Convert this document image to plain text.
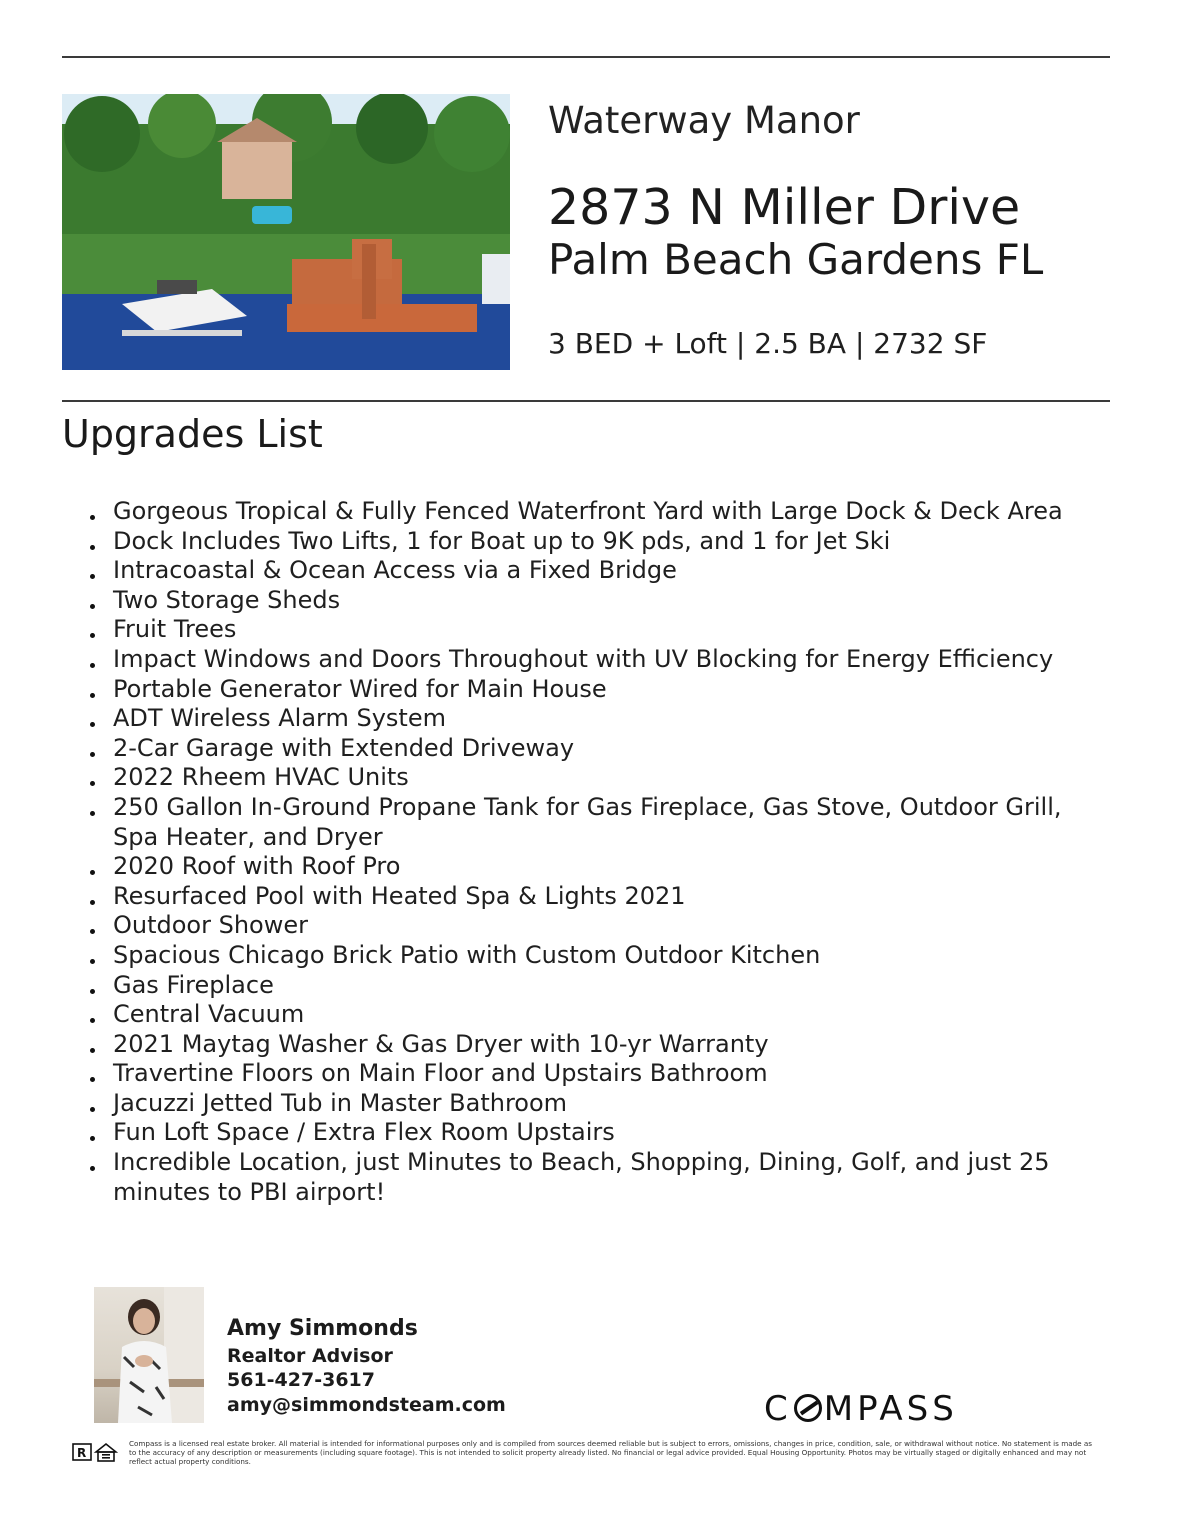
Waterway Manor
2873 N Miller Drive
Palm Beach Gardens FL
3 BED + Loft | 2.5 BA | 2732 SF
Upgrades List
Gorgeous Tropical & Fully Fenced Waterfront Yard with Large Dock & Deck Area
Dock Includes Two Lifts, 1 for Boat up to 9K pds, and 1 for Jet Ski
Intracoastal & Ocean Access via a Fixed Bridge
Two Storage Sheds
Fruit Trees
Impact Windows and Doors Throughout with UV Blocking for Energy Efficiency
Portable Generator Wired for Main House
ADT Wireless Alarm System
2-Car Garage with Extended Driveway
2022 Rheem HVAC Units
250 Gallon In-Ground Propane Tank for Gas Fireplace, Gas Stove, Outdoor Grill, Spa Heater, and Dryer
2020 Roof with Roof Pro
Resurfaced Pool with Heated Spa & Lights 2021
Outdoor Shower
Spacious Chicago Brick Patio with Custom Outdoor Kitchen
Gas Fireplace
Central Vacuum
2021 Maytag Washer & Gas Dryer with 10-yr Warranty
Travertine Floors on Main Floor and Upstairs Bathroom
Jacuzzi Jetted Tub in Master Bathroom
Fun Loft Space / Extra Flex Room Upstairs
Incredible Location, just Minutes to Beach, Shopping, Dining, Golf, and just 25 minutes to PBI airport!
Amy Simmonds
Realtor Advisor
561-427-3617
amy@simmondsteam.com	C MPASS
R
Compass is a licensed real estate broker. All material is intended for informational purposes only and is compiled from sources deemed reliable but is subject to errors, omissions, changes in price, condition, sale, or withdrawal without notice. No statement is made as to the accuracy of any description or measurements (including square footage). This is not intended to solicit property already listed. No financial or legal advice provided. Equal Housing Opportunity. Photos may be virtually staged or digitally enhanced and may not reflect actual property conditions.
